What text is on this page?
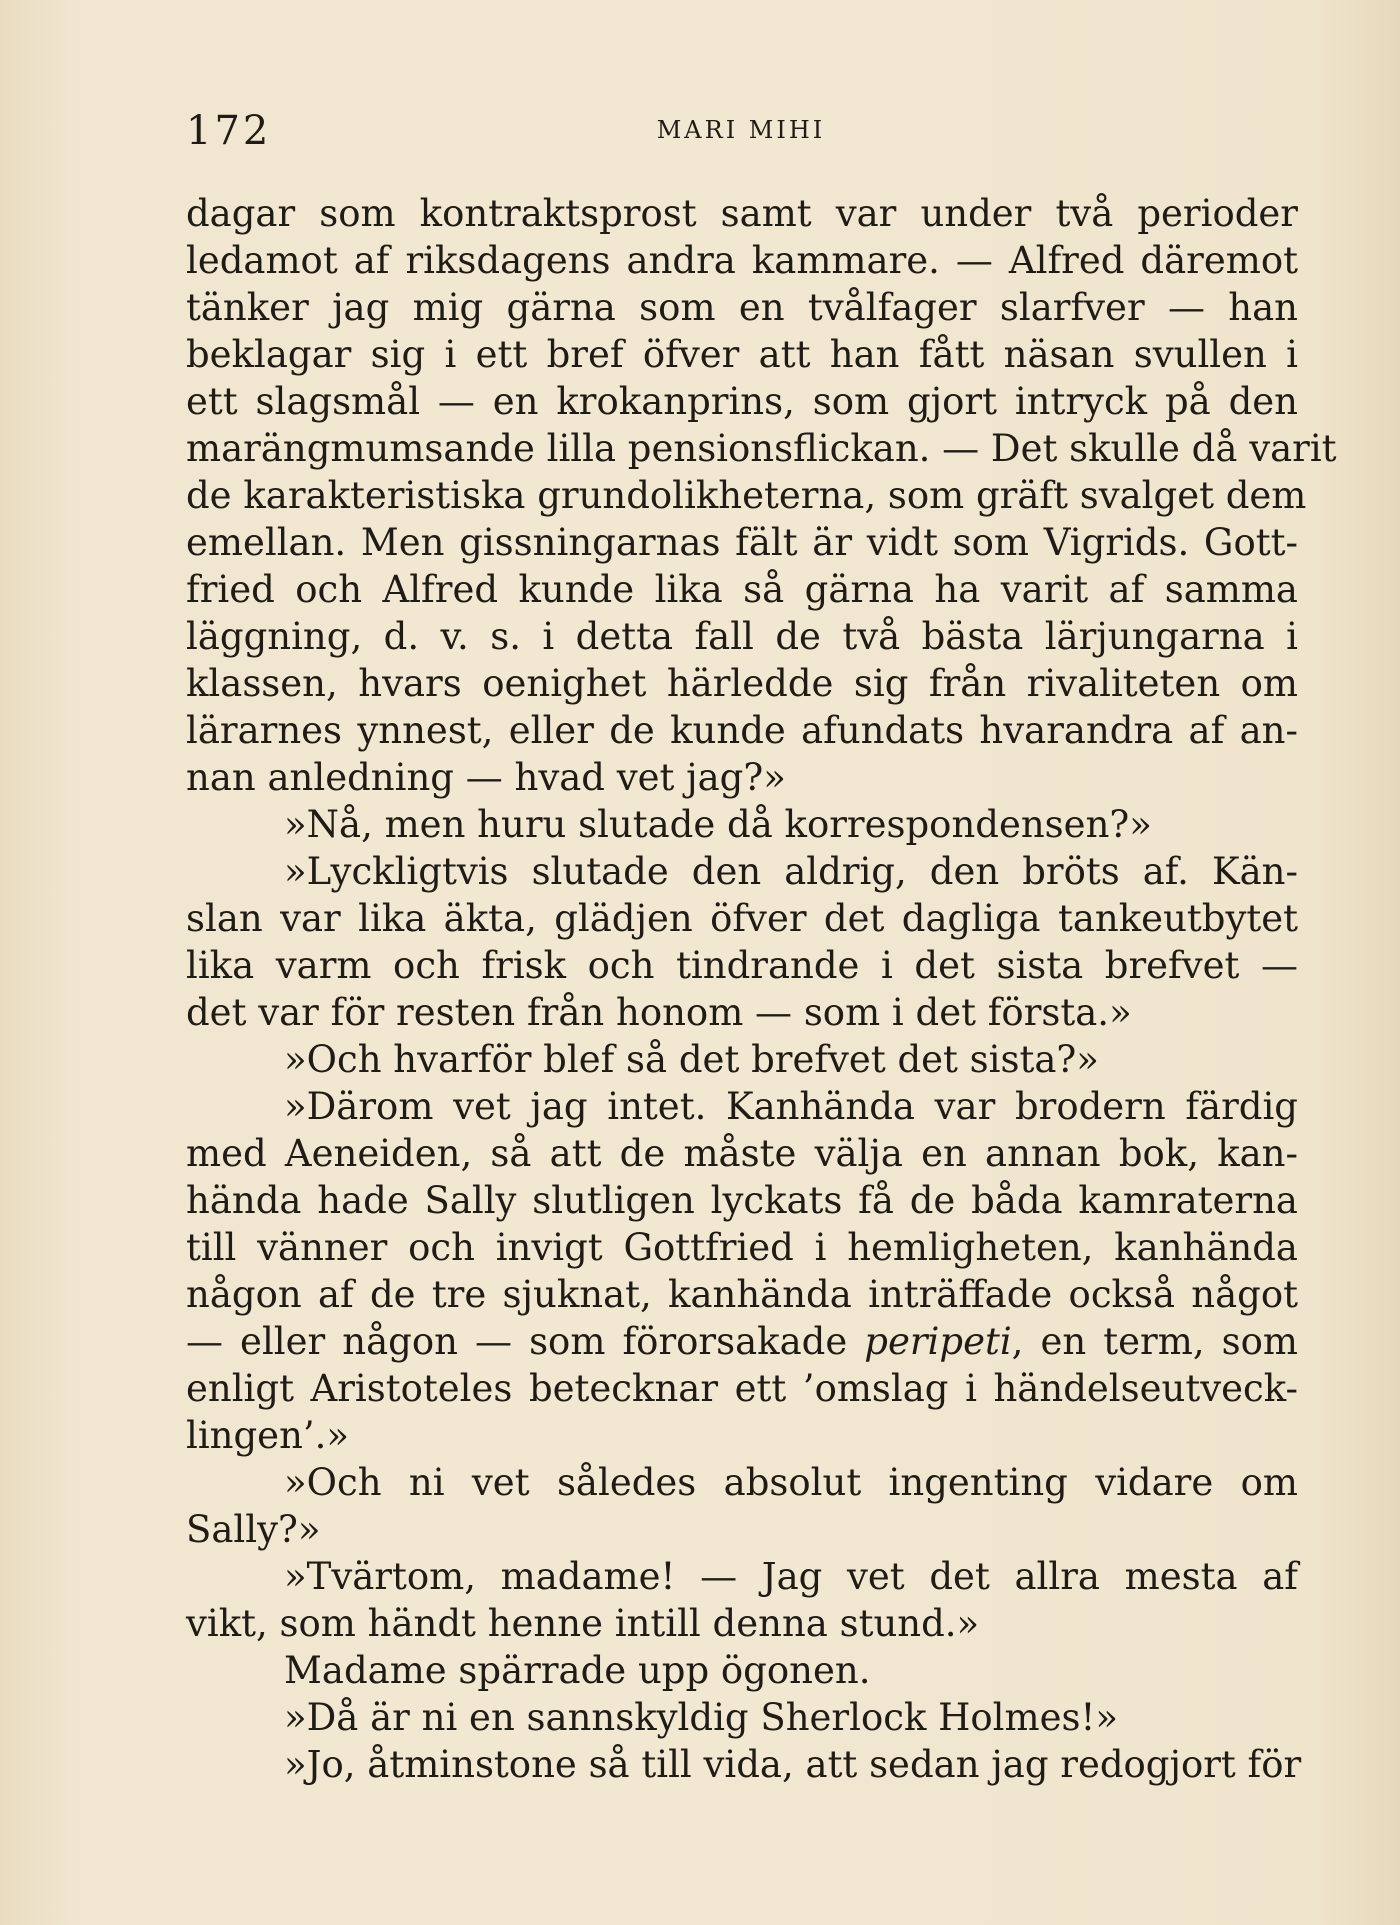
172	MARI MIHI
dagar som kontraktsprost samt var under två perioder
ledamot af riksdagens andra kammare. — Alfred däremot
tänker jag mig gärna som en tvålfager slarfver — han
beklagar sig i ett bref öfver att han fått näsan svullen i
ett slagsmål — en krokanprins, som gjort intryck på den
marängmumsande lilla pensionsflickan. — Det skulle då varit
de karakteristiska grundolikheterna, som gräft svalget dem
emellan. Men gissningarnas fält är vidt som Vigrids. Gott-
fried och Alfred kunde lika så gärna ha varit af samma
läggning, d. v. s. i detta fall de två bästa lärjungarna i
klassen, hvars oenighet härledde sig från rivaliteten om
lärarnes ynnest, eller de kunde afundats hvarandra af an-
nan anledning — hvad vet jag?»
»Nå, men huru slutade då korrespondensen?»
»Lyckligtvis slutade den aldrig, den bröts af. Kän-
slan var lika äkta, glädjen öfver det dagliga tankeutbytet
lika varm och frisk och tindrande i det sista brefvet —
det var för resten från honom — som i det första.»
»Och hvarför blef så det brefvet det sista?»
»Därom vet jag intet. Kanhända var brodern färdig
med Aeneiden, så att de måste välja en annan bok, kan-
hända hade Sally slutligen lyckats få de båda kamraterna
till vänner och invigt Gottfried i hemligheten, kanhända
någon af de tre sjuknat, kanhända inträffade också något
— eller någon — som förorsakade peripeti, en term, som
enligt Aristoteles betecknar ett ’omslag i händelseutveck-
lingen’.»
»Och ni vet således absolut ingenting vidare om
Sally?»
»Tvärtom, madame! — Jag vet det allra mesta af
vikt, som händt henne intill denna stund.»
Madame spärrade upp ögonen.
»Då är ni en sannskyldig Sherlock Holmes!»
»Jo, åtminstone så till vida, att sedan jag redogjort för
